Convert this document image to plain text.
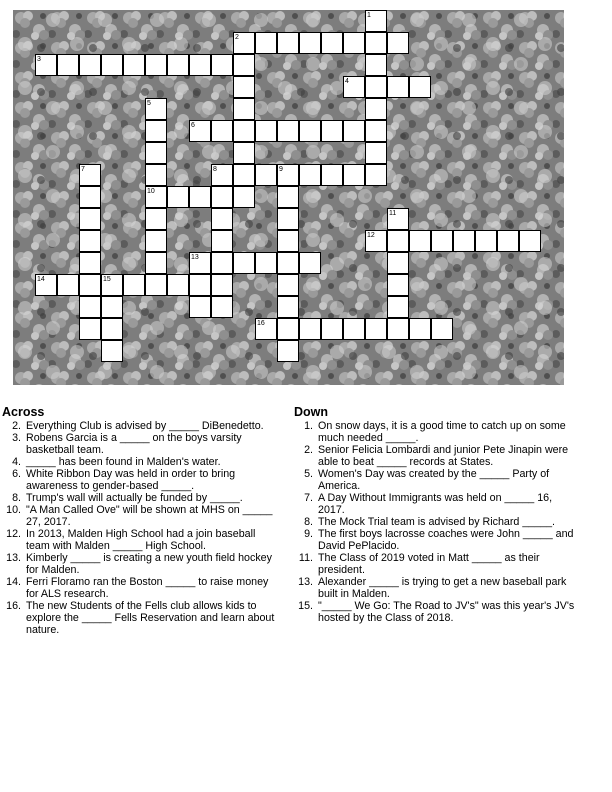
1
2
3
4
5
6
7	8	9
10
11
12
13
14	15
16
Across
2. Everything Club is advised by _____ DiBenedetto.
3. Robens Garcia is a _____ on the boys varsity basketball team.
4. _____ has been found in Malden's water.
6. White Ribbon Day was held in order to bring awareness to gender-based _____.
8. Trump's wall will actually be funded by _____.
10. "A Man Called Ove" will be shown at MHS on _____ 27, 2017.
12. In 2013, Malden High School had a join baseball team with Malden _____ High School.
13. Kimberly _____ is creating a new youth field hockey for Malden.
14. Ferri Floramo ran the Boston _____ to raise money for ALS research.
16. The new Students of the Fells club allows kids to explore the _____ Fells Reservation and learn about nature.
Down
1. On snow days, it is a good time to catch up on some much needed _____.
2. Senior Felicia Lombardi and junior Pete Jinapin were able to beat _____ records at States.
5. Women's Day was created by the _____ Party of America.
7. A Day Without Immigrants was held on _____ 16, 2017.
8. The Mock Trial team is advised by Richard _____.
9. The first boys lacrosse coaches were John _____ and David PePlacido.
11. The Class of 2019 voted in Matt _____ as their president.
13. Alexander _____ is trying to get a new baseball park built in Malden.
15. "_____ We Go: The Road to JV's" was this year's JV's hosted by the Class of 2018.
